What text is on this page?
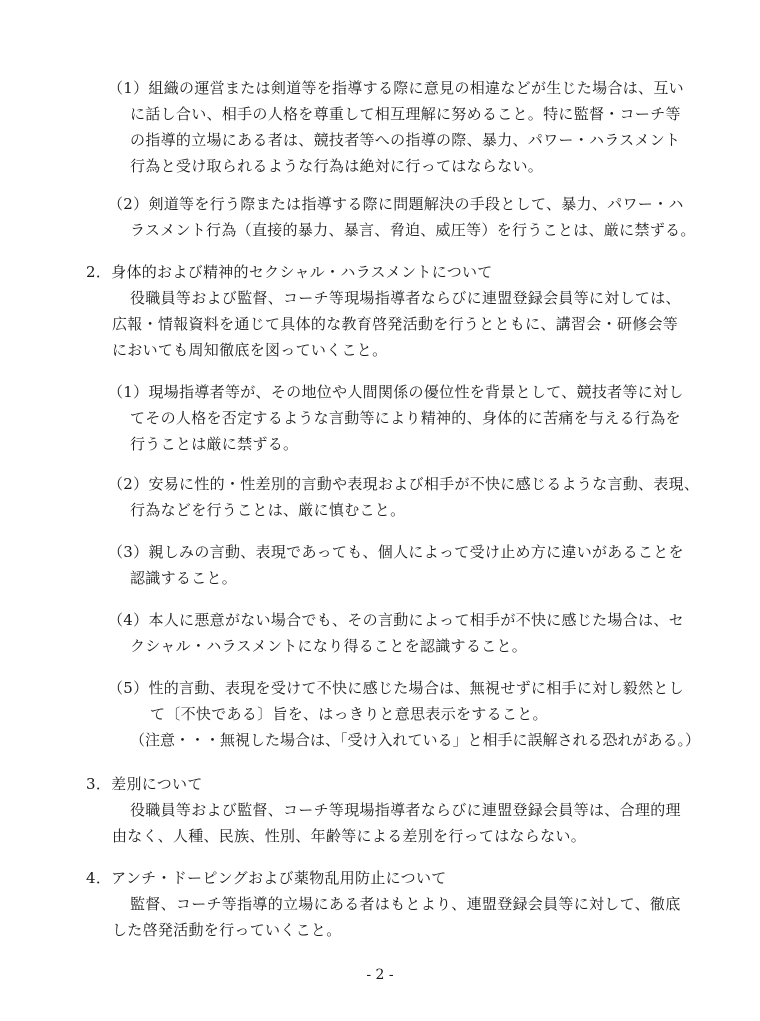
（1）組織の運営または剣道等を指導する際に意見の相違などが生じた場合は、互い
に話し合い、相手の人格を尊重して相互理解に努めること。特に監督・コーチ等
の指導的立場にある者は、競技者等への指導の際、暴力、パワー・ハラスメント
行為と受け取られるような行為は絶対に行ってはならない。
（2）剣道等を行う際または指導する際に問題解決の手段として、暴力、パワー・ハ
ラスメント行為（直接的暴力、暴言、脅迫、威圧等）を行うことは、厳に禁ずる。
2．身体的および精神的セクシャル・ハラスメントについて
役職員等および監督、コーチ等現場指導者ならびに連盟登録会員等に対しては、
広報・情報資料を通じて具体的な教育啓発活動を行うとともに、講習会・研修会等
においても周知徹底を図っていくこと。
（1）現場指導者等が、その地位や人間関係の優位性を背景として、競技者等に対し
てその人格を否定するような言動等により精神的、身体的に苦痛を与える行為を
行うことは厳に禁ずる。
（2）安易に性的・性差別的言動や表現および相手が不快に感じるような言動、表現、
行為などを行うことは、厳に慎むこと。
（3）親しみの言動、表現であっても、個人によって受け止め方に違いがあることを
認識すること。
（4）本人に悪意がない場合でも、その言動によって相手が不快に感じた場合は、セ
クシャル・ハラスメントになり得ることを認識すること。
（5）性的言動、表現を受けて不快に感じた場合は、無視せずに相手に対し毅然とし
て〔不快である〕旨を、はっきりと意思表示をすること。
（注意・・・無視した場合は、「受け入れている」と相手に誤解される恐れがある。）
3．差別について
役職員等および監督、コーチ等現場指導者ならびに連盟登録会員等は、合理的理
由なく、人種、民族、性別、年齢等による差別を行ってはならない。
4．アンチ・ドーピングおよび薬物乱用防止について
監督、コーチ等指導的立場にある者はもとより、連盟登録会員等に対して、徹底
した啓発活動を行っていくこと。
- 2 -
